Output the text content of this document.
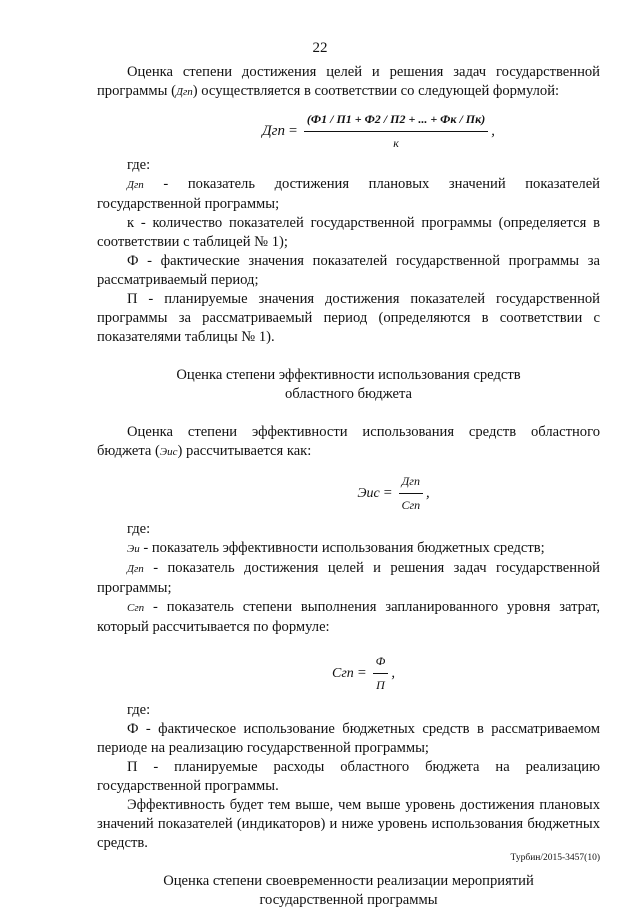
22

Оценка степени достижения целей и решения задач государственной программы (Дгп) осуществляется в соответствии со следующей формулой:

Дгп = $\frac{(Ф1 / П1 + Ф2 / П2 + ... + Фк / Пк)}{к}$ ,

где:

Дгп - показатель достижения плановых значений показателей государственной программы;

к - количество показателей государственной программы (определяется в соответствии с таблицей № 1);

Ф - фактические значения показателей государственной программы за рассматриваемый период;

П - планируемые значения достижения показателей государственной программы за рассматриваемый период (определяются в соответствии с показателями таблицы № 1).

Оценка степени эффективности использования средств
областного бюджета

Оценка степени эффективности использования средств областного бюджета (Эис) рассчитывается как:

Эис = $\frac{\text{Дгп}}{\text{Сгп}}$ ,

где:

Эи - показатель эффективности использования бюджетных средств;

Дгп - показатель достижения целей и решения задач государственной программы;

Сгп - показатель степени выполнения запланированного уровня затрат, который рассчитывается по формуле:

Сгп = $\frac{Ф}{П}$ ,

где:

Ф - фактическое использование бюджетных средств в рассматриваемом периоде на реализацию государственной программы;

П - планируемые расходы областного бюджета на реализацию государственной программы.

Эффективность будет тем выше, чем выше уровень достижения плановых значений показателей (индикаторов) и ниже уровень использования бюджетных средств.

Оценка степени своевременности реализации мероприятий
государственной программы

Турбин/2015-3457(10)
